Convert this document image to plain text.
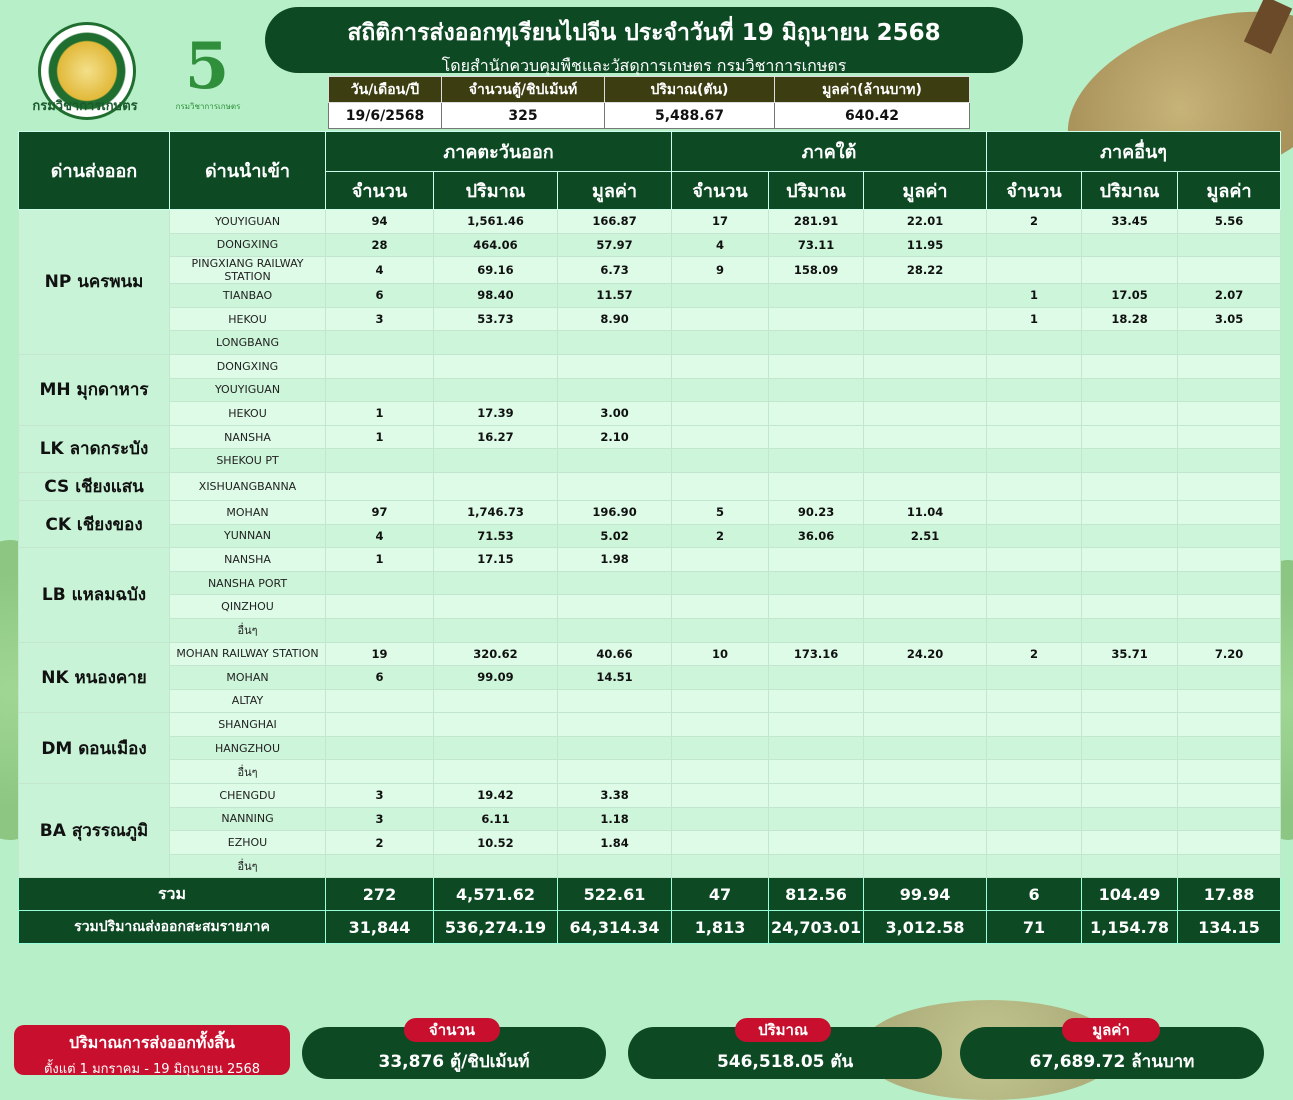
กรมวิชาการเกษตร
5
กรมวิชาการเกษตร
สถิติการส่งออกทุเรียนไปจีน ประจำวันที่ 19 มิถุนายน 2568
โดยสำนักควบคุมพืชและวัสดุการเกษตร กรมวิชาการเกษตร
วัน/เดือน/ปี	จำนวนตู้/ชิปเม้นท์	ปริมาณ(ตัน)	มูลค่า(ล้านบาท)
19/6/2568	325	5,488.67	640.42
ด่านส่งออก	ด่านนำเข้า	ภาคตะวันออก			ภาคใต้			ภาคอื่นๆ		
		จำนวน	ปริมาณ	มูลค่า	จำนวน	ปริมาณ	มูลค่า	จำนวน	ปริมาณ	มูลค่า
NP นครพนม	YOUYIGUAN	94	1,561.46	166.87	17	281.91	22.01	2	33.45	5.56
	DONGXING	28	464.06	57.97	4	73.11	11.95			
	PINGXIANG RAILWAY STATION	4	69.16	6.73	9	158.09	28.22			
	TIANBAO	6	98.40	11.57				1	17.05	2.07
	HEKOU	3	53.73	8.90				1	18.28	3.05
	LONGBANG									
MH มุกดาหาร	DONGXING									
	YOUYIGUAN									
	HEKOU	1	17.39	3.00						
LK ลาดกระบัง	NANSHA	1	16.27	2.10						
	SHEKOU PT									
CS เชียงแสน	XISHUANGBANNA									
CK เชียงของ	MOHAN	97	1,746.73	196.90	5	90.23	11.04			
	YUNNAN	4	71.53	5.02	2	36.06	2.51			
LB แหลมฉบัง	NANSHA	1	17.15	1.98						
	NANSHA PORT									
	QINZHOU									
	อื่นๆ									
NK หนองคาย	MOHAN RAILWAY STATION	19	320.62	40.66	10	173.16	24.20	2	35.71	7.20
	MOHAN	6	99.09	14.51						
	ALTAY									
DM ดอนเมือง	SHANGHAI									
	HANGZHOU									
	อื่นๆ									
BA สุวรรณภูมิ	CHENGDU	3	19.42	3.38						
	NANNING	3	6.11	1.18						
	EZHOU	2	10.52	1.84						
	อื่นๆ									
รวม		272	4,571.62	522.61	47	812.56	99.94	6	104.49	17.88
รวมปริมาณส่งออกสะสมรายภาค		31,844	536,274.19	64,314.34	1,813	24,703.01	3,012.58	71	1,154.78	134.15
ปริมาณการส่งออกทั้งสิ้น
ตั้งแต่ 1 มกราคม - 19 มิถุนายน 2568	33,876 ตู้/ชิปเม้นท์
จำนวน
546,518.05 ตัน
ปริมาณ
67,689.72 ล้านบาท
มูลค่า
